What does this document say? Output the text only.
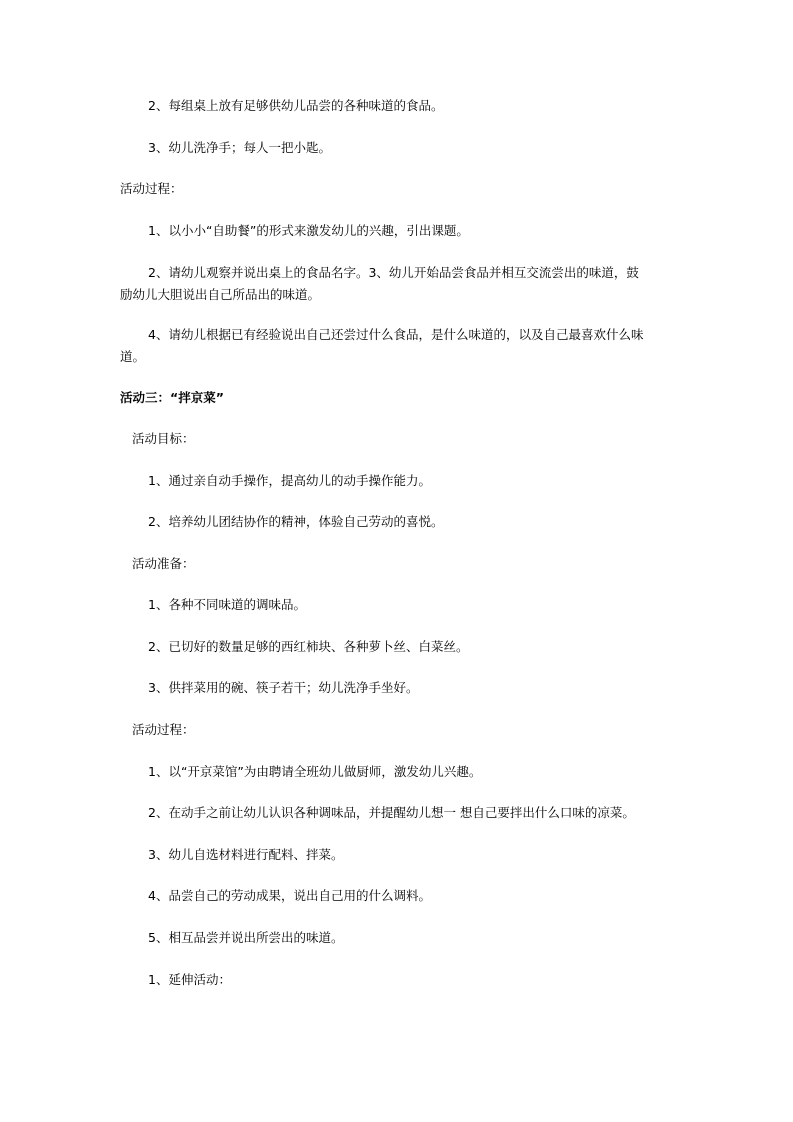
2、每组桌上放有足够供幼儿品尝的各种味道的食品。
3、幼儿洗净手；每人一把小匙。
活动过程：
1、以小小“自助餐”的形式来激发幼儿的兴趣，引出课题。
2、请幼儿观察并说出桌上的食品名字。3、幼儿开始品尝食品并相互交流尝出的味道，鼓
励幼儿大胆说出自己所品出的味道。
4、请幼儿根据已有经验说出自己还尝过什么食品，是什么味道的，以及自己最喜欢什么味
道。
活动三：“拌京菜”
活动目标：
1、通过亲自动手操作，提高幼儿的动手操作能力。
2、培养幼儿团结协作的精神，体验自己劳动的喜悦。
活动准备：
1、各种不同味道的调味品。
2、已切好的数量足够的西红柿块、各种萝卜丝、白菜丝。
3、供拌菜用的碗、筷子若干；幼儿洗净手坐好。
活动过程：
1、以“开京菜馆”为由聘请全班幼儿做厨师，激发幼儿兴趣。
2、在动手之前让幼儿认识各种调味品，并提醒幼儿想一 想自己要拌出什么口味的凉菜。
3、幼儿自选材料进行配料、拌菜。
4、品尝自己的劳动成果，说出自己用的什么调料。
5、相互品尝并说出所尝出的味道。
1、延伸活动：
